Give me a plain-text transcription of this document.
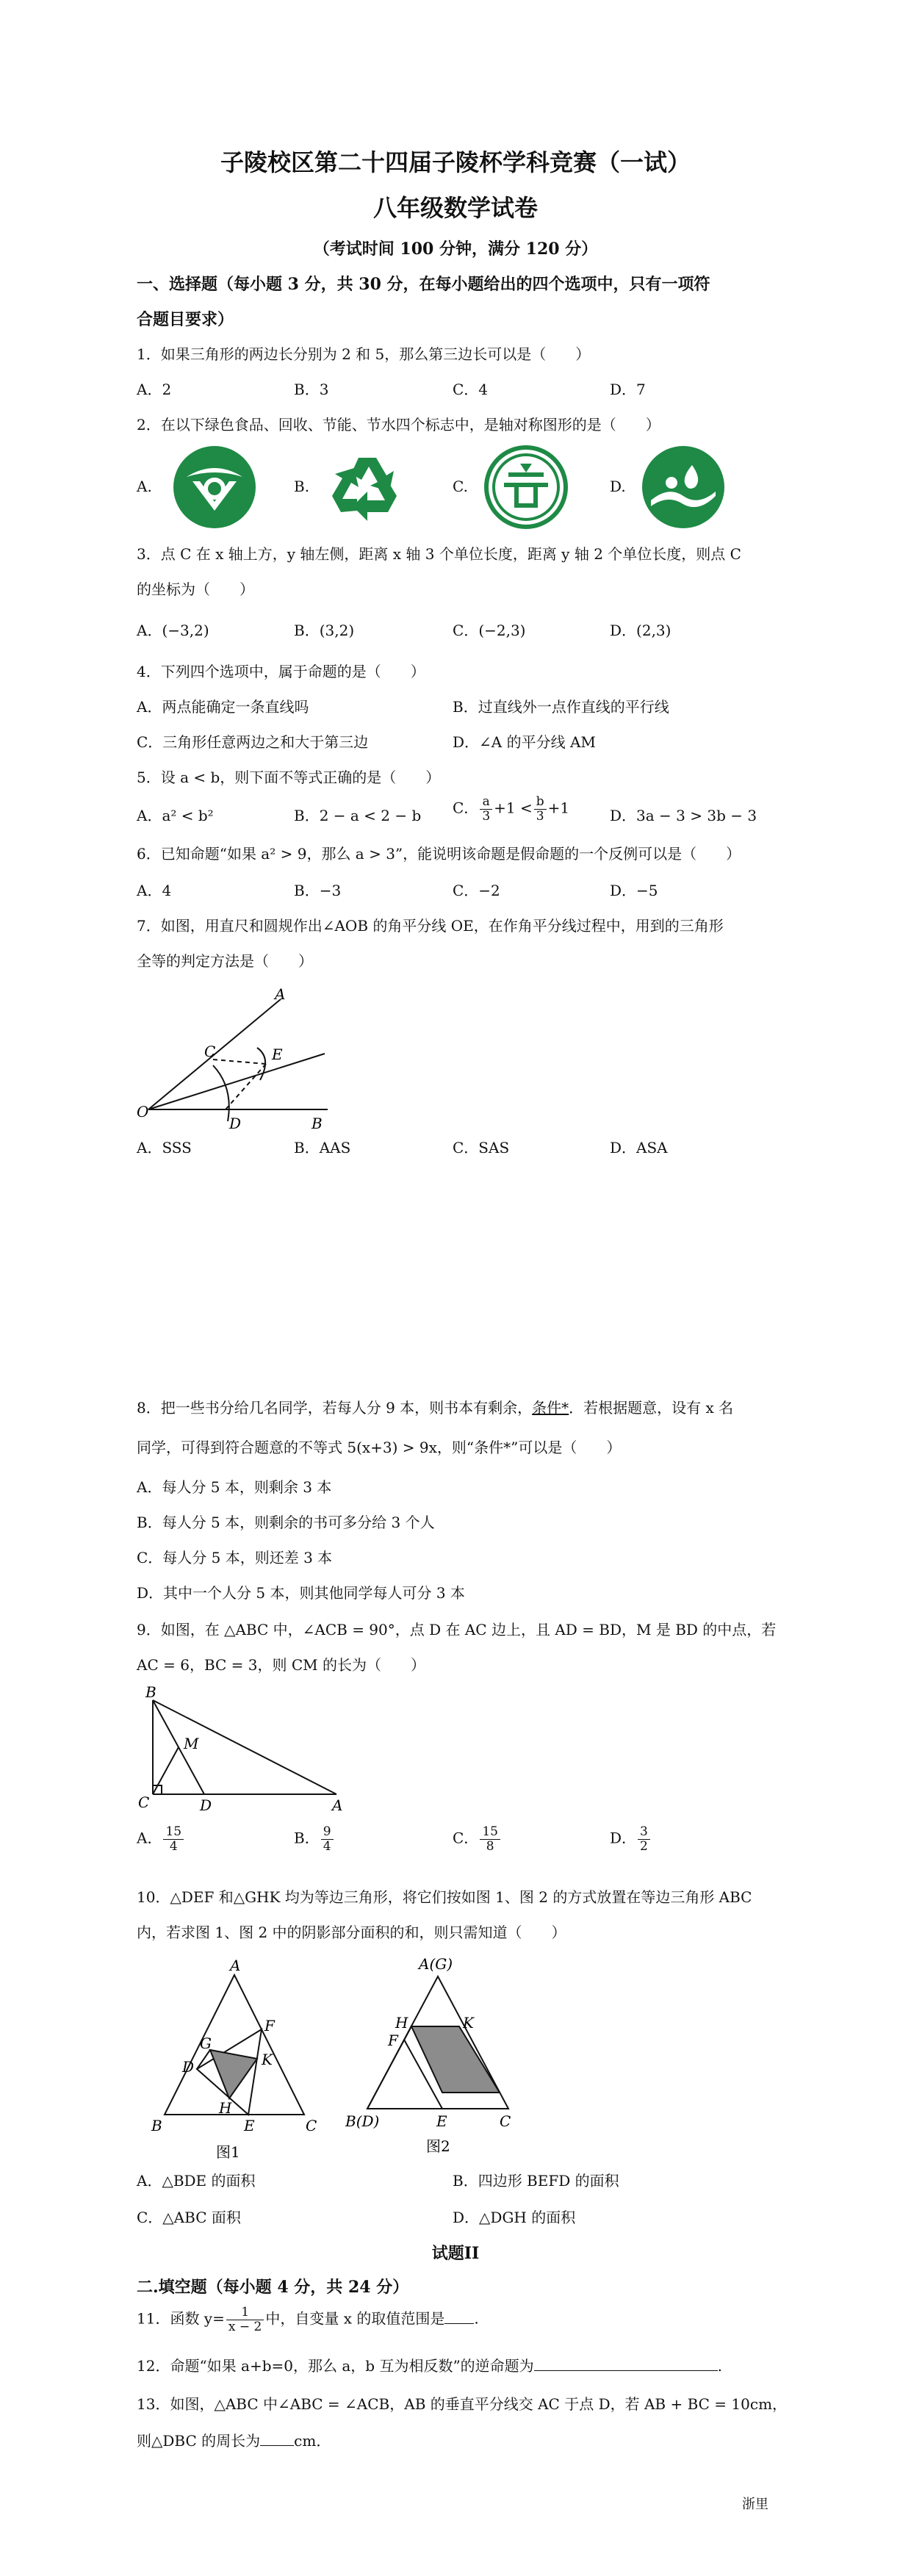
子陵校区第二十四届子陵杯学科竞赛（一试）
八年级数学试卷
（考试时间 100 分钟，满分 120 分）
一、选择题（每小题 3 分，共 30 分，在每小题给出的四个选项中，只有一项符
合题目要求）
1．如果三角形的两边长分别为 2 和 5，那么第三边长可以是（　　）
A．2	B．3	C．4	D．7
2．在以下绿色食品、回收、节能、节水四个标志中，是轴对称图形的是（　　）
A.	B.	C.	D.
3．点 C 在 x 轴上方，y 轴左侧，距离 x 轴 3 个单位长度，距离 y 轴 2 个单位长度，则点 C
的坐标为（　　）
A．(−3,2)	B．(3,2)	C．(−2,3)	D．(2,3)
4．下列四个选项中，属于命题的是（　　）
A．两点能确定一条直线吗	B．过直线外一点作直线的平行线
C．三角形任意两边之和大于第三边	D．∠A 的平分线 AM
5．设 a < b，则下面不等式正确的是（　　）
A．a² < b²	B．2 − a < 2 − b C． $\frac{a}{3} +1 < \frac{b}{3} +1$	D．3a − 3 > 3b − 3
6．已知命题“如果 a² > 9，那么 a > 3”，能说明该命题是假命题的一个反例可以是（　　）
A．4	B．−3	C．−2	D．−5
7．如图，用直尺和圆规作出∠AOB 的角平分线 OE，在作角平分线过程中，用到的三角形
全等的判定方法是（　　）
A
C	E
O
D	B
A．SSS	B．AAS	C．SAS	D．ASA
8．把一些书分给几名同学，若每人分 9 本，则书本有剩余，条件*．若根据题意，设有 x 名
同学，可得到符合题意的不等式 5(x+3) > 9x，则“条件*”可以是（　　）
A．每人分 5 本，则剩余 3 本
B．每人分 5 本，则剩余的书可多分给 3 个人
C．每人分 5 本，则还差 3 本
D．其中一个人分 5 本，则其他同学每人可分 3 本
9．如图，在 △ABC 中，∠ACB = 90°，点 D 在 AC 边上，且 AD = BD，M 是 BD 的中点，若
AC = 6，BC = 3，则 CM 的长为（　　）
B
M
C	D	A
A． $\frac{15}{4}$	B． $\frac{9}{4}$	C． $\frac{15}{8}$	D． $\frac{3}{2}$
10．△DEF 和△GHK 均为等边三角形，将它们按如图 1、图 2 的方式放置在等边三角形 ABC
内，若求图 1、图 2 中的阴影部分面积的和，则只需知道（　　）
A
F
G
D	K
H
B	E	C
图1
A(G)
H	K
F
B(D)	E	C
图2
A．△BDE 的面积	B．四边形 BEFD 的面积
C．△ABC 面积	D．△DGH 的面积
试题II
二.填空题（每小题 4 分，共 24 分）
11．函数 $y= \frac{1}{x - 2}$ 中，自变量 x 的取值范围是 .
12．命题“如果 a+b=0，那么 a，b 互为相反数”的逆命题为	.
13．如图，△ABC 中∠ABC = ∠ACB，AB 的垂直平分线交 AC 于点 D，若 AB + BC = 10cm，
则△DBC 的周长为 cm．
浙里
